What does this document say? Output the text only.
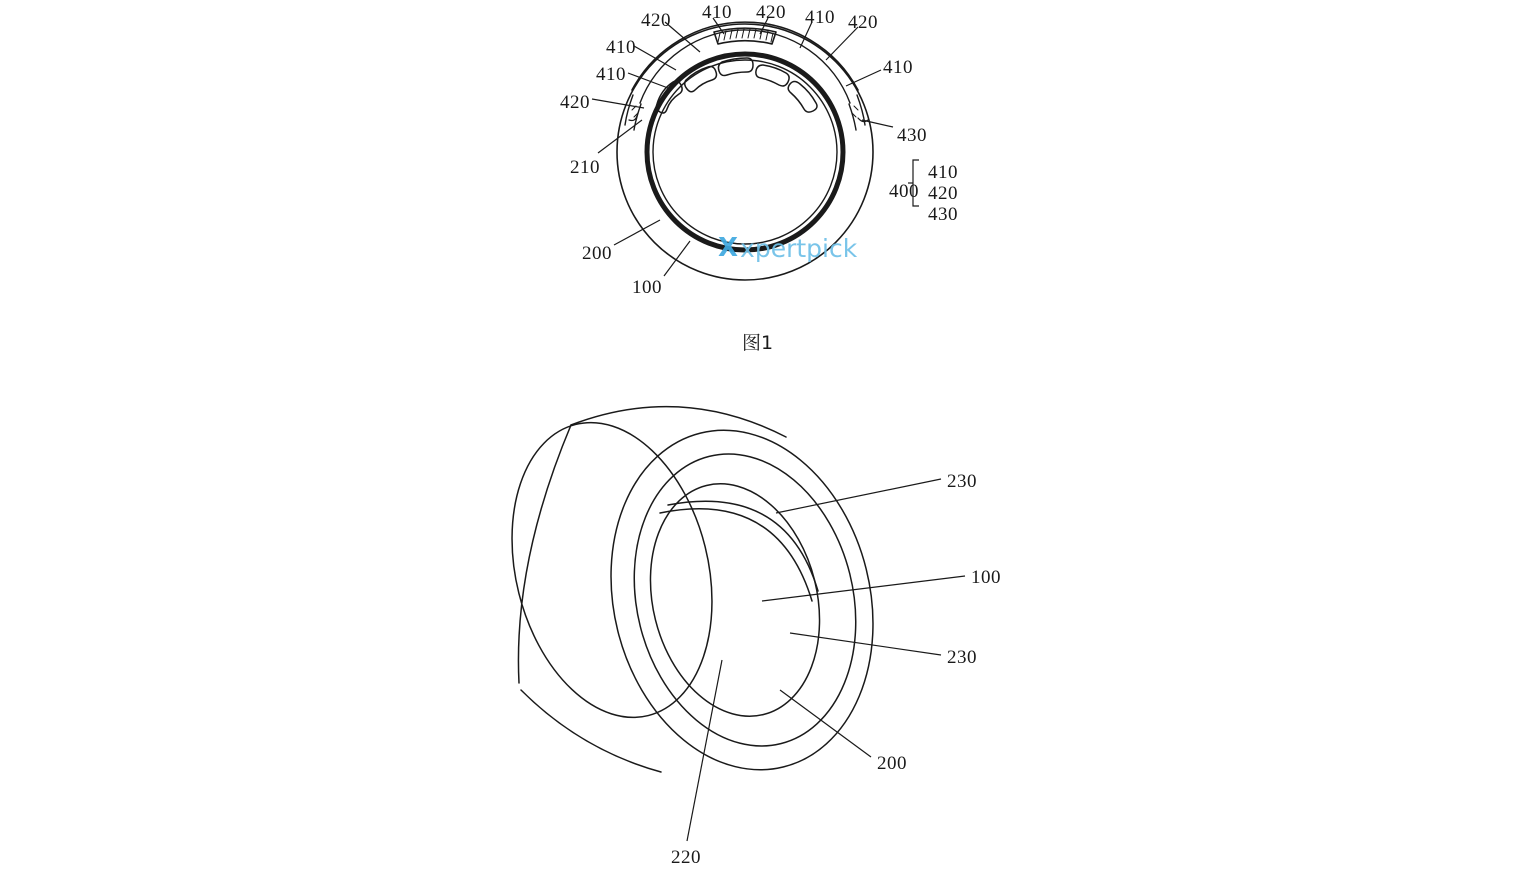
420 410 420 410 420
410
410	410
420
430
210
400
410
420
430
200
100
图1
230
100
230
200
220
X xpertpick
